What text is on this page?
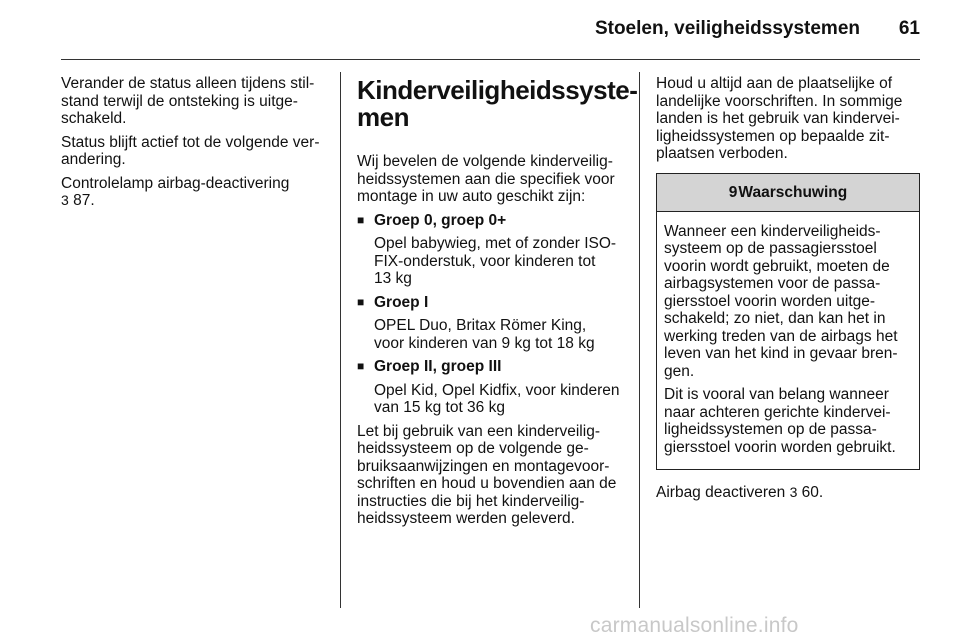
Stoelen, veiligheidssystemen	61

Verander de status alleen tijdens stil-
stand terwijl de ontsteking is uitge-
schakeld.

Status blijft actief tot de volgende ver-
andering.

Controlelamp airbag-deactivering
3 87.

Kinderveiligheidssyste-
men

Wij bevelen de volgende kinderveilig-
heidssystemen aan die specifiek voor
montage in uw auto geschikt zijn:

■ Groep 0, groep 0+
Opel babywieg, met of zonder ISO-
FIX-onderstuk, voor kinderen tot
13 kg
■ Groep I
OPEL Duo, Britax Römer King,
voor kinderen van 9 kg tot 18 kg
■ Groep II, groep III
Opel Kid, Opel Kidfix, voor kinderen
van 15 kg tot 36 kg

Let bij gebruik van een kinderveilig-
heidssysteem op de volgende ge-
bruiksaanwijzingen en montagevoor-
schriften en houd u bovendien aan de
instructies die bij het kinderveilig-
heidssysteem werden geleverd.

Houd u altijd aan de plaatselijke of
landelijke voorschriften. In sommige
landen is het gebruik van kindervei-
ligheidssystemen op bepaalde zit-
plaatsen verboden.

9Waarschuwing

Wanneer een kinderveiligheids-
systeem op de passagiersstoel
voorin wordt gebruikt, moeten de
airbagsystemen voor de passa-
giersstoel voorin worden uitge-
schakeld; zo niet, dan kan het in
werking treden van de airbags het
leven van het kind in gevaar bren-
gen.

Dit is vooral van belang wanneer
naar achteren gerichte kindervei-
ligheidssystemen op de passa-
giersstoel voorin worden gebruikt.

Airbag deactiveren 3 60.

carmanualsonline.info
